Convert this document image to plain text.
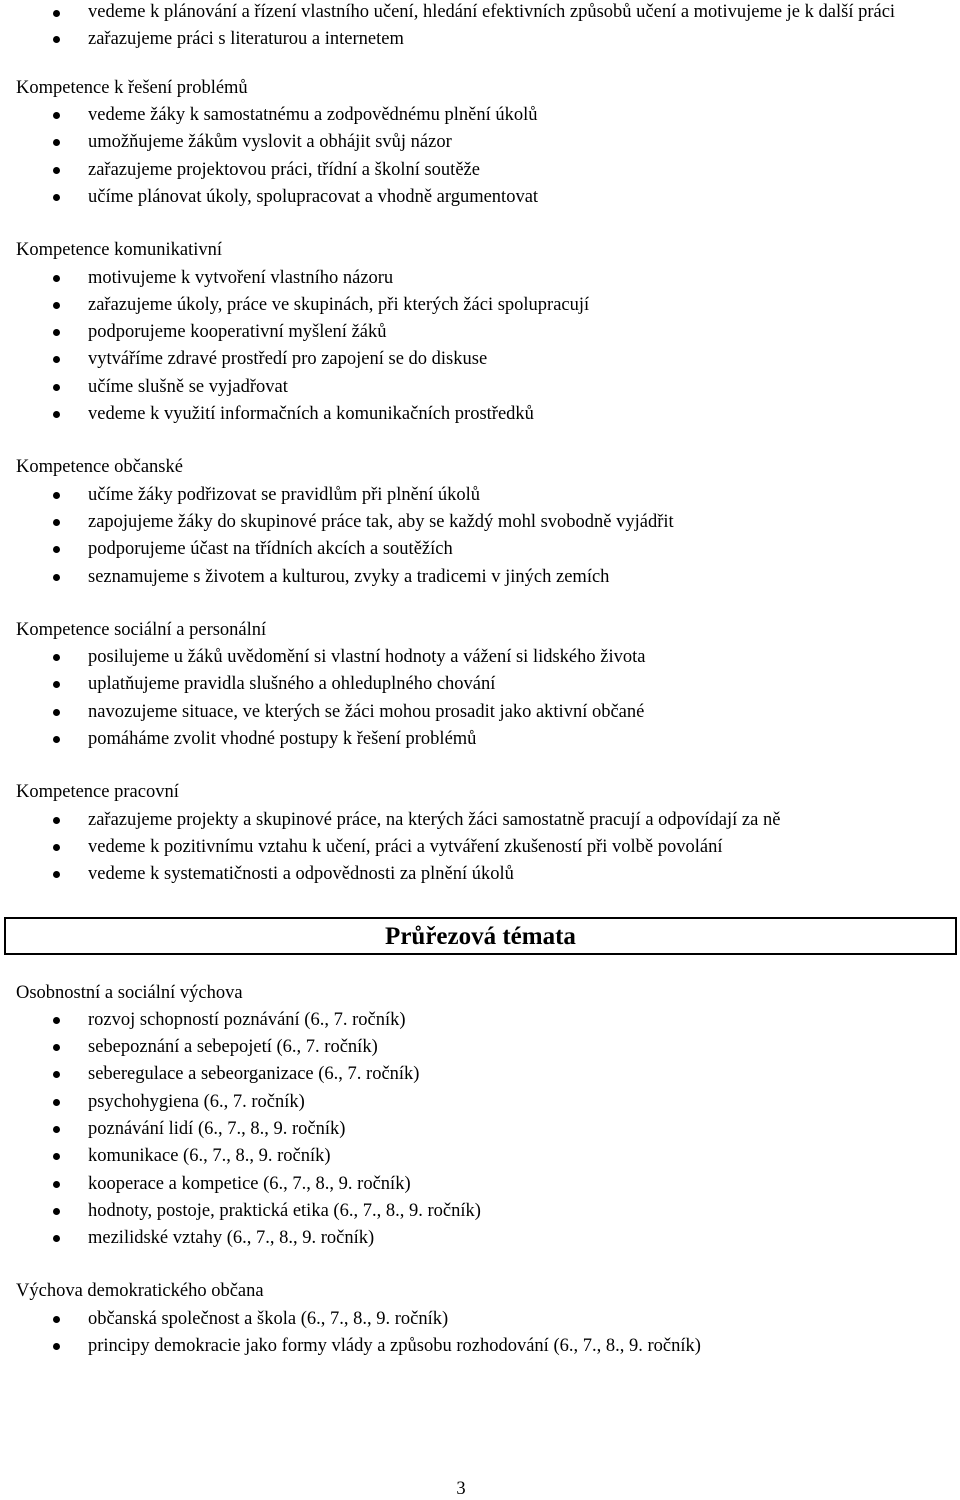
vedeme k plánování a řízení vlastního učení, hledání efektivních způsobů učení a motivujeme je k další práci
zařazujeme práci s literaturou a internetem
Kompetence k řešení problémů
vedeme žáky k samostatnému a zodpovědnému plnění úkolů
umožňujeme žákům vyslovit a obhájit svůj názor
zařazujeme projektovou práci, třídní a školní soutěže
učíme plánovat úkoly, spolupracovat a vhodně argumentovat
Kompetence komunikativní
motivujeme k vytvoření vlastního názoru
zařazujeme úkoly, práce ve skupinách, při kterých žáci spolupracují
podporujeme kooperativní myšlení žáků
vytváříme zdravé prostředí pro zapojení se do diskuse
učíme slušně se vyjadřovat
vedeme k využití informačních a komunikačních prostředků
Kompetence občanské
učíme žáky podřizovat se pravidlům při plnění úkolů
zapojujeme žáky do skupinové práce tak, aby se každý mohl svobodně vyjádřit
podporujeme účast na třídních akcích a soutěžích
seznamujeme s životem a kulturou, zvyky a tradicemi v jiných zemích
Kompetence sociální a personální
posilujeme u žáků uvědomění si vlastní hodnoty a vážení si lidského života
uplatňujeme pravidla slušného a ohleduplného chování
navozujeme situace, ve kterých se žáci mohou prosadit jako aktivní občané
pomáháme zvolit vhodné postupy k řešení problémů
Kompetence pracovní
zařazujeme projekty a skupinové práce, na kterých žáci samostatně pracují a odpovídají za ně
vedeme k pozitivnímu vztahu k učení, práci a vytváření zkušeností při volbě povolání
vedeme k systematičnosti a odpovědnosti za plnění úkolů
Průřezová témata
Osobnostní a sociální výchova
rozvoj schopností poznávání (6., 7. ročník)
sebepoznání a sebepojetí (6., 7. ročník)
seberegulace a sebeorganizace (6., 7. ročník)
psychohygiena (6., 7. ročník)
poznávání lidí (6., 7., 8., 9. ročník)
komunikace (6., 7., 8., 9. ročník)
kooperace a kompetice (6., 7., 8., 9. ročník)
hodnoty, postoje, praktická etika (6., 7., 8., 9. ročník)
mezilidské vztahy (6., 7., 8., 9. ročník)
Výchova demokratického občana
občanská společnost a škola (6., 7., 8., 9. ročník)
principy demokracie jako formy vlády a způsobu rozhodování (6., 7., 8., 9. ročník)
3
